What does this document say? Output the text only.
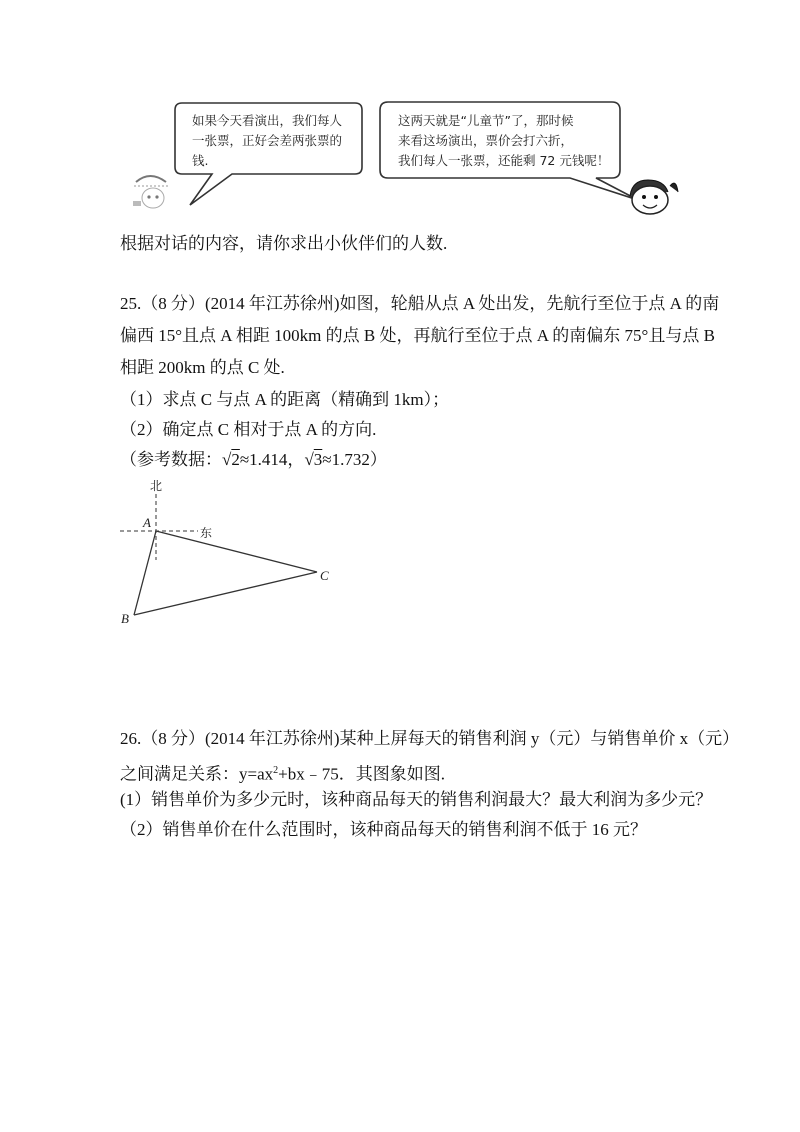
如果今天看演出，我们每人
一张票，正好会差两张票的
钱.
这两天就是“儿童节”了，那时候
来看这场演出，票价会打六折，
我们每人一张票，还能剩 72 元钱呢！
根据对话的内容，请你求出小伙伴们的人数.
25.（8 分）(2014 年江苏徐州)如图，轮船从点 A 处出发，先航行至位于点 A 的南
偏西 15°且点 A 相距 100km 的点 B 处，再航行至位于点 A 的南偏东 75°且与点 B
相距 200km 的点 C 处.
（1）求点 C 与点 A 的距离（精确到 1km）；
（2）确定点 C 相对于点 A 的方向.
（参考数据：√2≈1.414，√3≈1.732）
北
东
A
B
C
26.（8 分）(2014 年江苏徐州)某种上屏每天的销售利润 y（元）与销售单价 x（元）
之间满足关系：$y=ax^2+bx﹣75$．其图象如图.
(1）销售单价为多少元时，该种商品每天的销售利润最大？最大利润为多少元？
（2）销售单价在什么范围时，该种商品每天的销售利润不低于 16 元？
